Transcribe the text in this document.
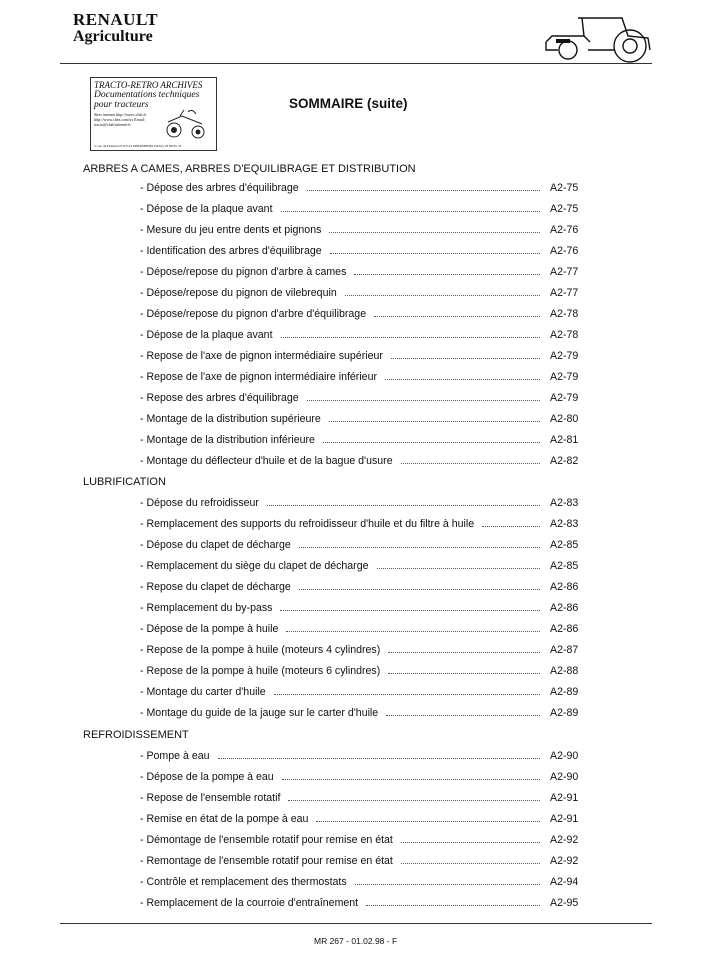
RENAULT
Agriculture
TRACTO-RETRO ARCHIVES
Documentations techniques
pour tracteurs
Sites internet http://tracto.club.fr http://www.chez.com/trs Email: tracto@club-internet.fr
5, rue du Houblon F-67191 EBERSHEIM Tél/fax 03 88 85 76
SOMMAIRE (suite)
ARBRES A CAMES, ARBRES D'EQUILIBRAGE ET DISTRIBUTION
- Dépose des arbres d'équilibrage	A2-75
- Dépose de la plaque avant	A2-75
- Mesure du jeu entre dents et pignons	A2-76
- Identification des arbres d'équilibrage	A2-76
- Dépose/repose du pignon d'arbre à cames	A2-77
- Dépose/repose du pignon de vilebrequin	A2-77
- Dépose/repose du pignon d'arbre d'équilibrage	A2-78
- Dépose de la plaque avant	A2-78
- Repose de l'axe de pignon intermédiaire supérieur	A2-79
- Repose de l'axe de pignon intermédiaire inférieur	A2-79
- Repose des arbres d'équilibrage	A2-79
- Montage de la distribution supérieure	A2-80
- Montage de la distribution inférieure	A2-81
- Montage du déflecteur d'huile et de la bague d'usure	A2-82
LUBRIFICATION
- Dépose du refroidisseur	A2-83
- Remplacement des supports du refroidisseur d'huile et du filtre à huile	A2-83
- Dépose du clapet de décharge	A2-85
- Remplacement du siège du clapet de décharge	A2-85
- Repose du clapet de décharge	A2-86
- Remplacement du by-pass	A2-86
- Dépose de la pompe à huile	A2-86
- Repose de la pompe à huile (moteurs 4 cylindres)	A2-87
- Repose de la pompe à huile (moteurs 6 cylindres)	A2-88
- Montage du carter d'huile	A2-89
- Montage du guide de la jauge sur le carter d'huile	A2-89
REFROIDISSEMENT
- Pompe à eau	A2-90
- Dépose de la pompe à eau	A2-90
- Repose de l'ensemble rotatif	A2-91
- Remise en état de la pompe à eau	A2-91
- Démontage de l'ensemble rotatif pour remise en état	A2-92
- Remontage de l'ensemble rotatif pour remise en état	A2-92
- Contrôle et remplacement des thermostats	A2-94
- Remplacement de la courroie d'entraînement	A2-95
MR 267 - 01.02.98 - F
